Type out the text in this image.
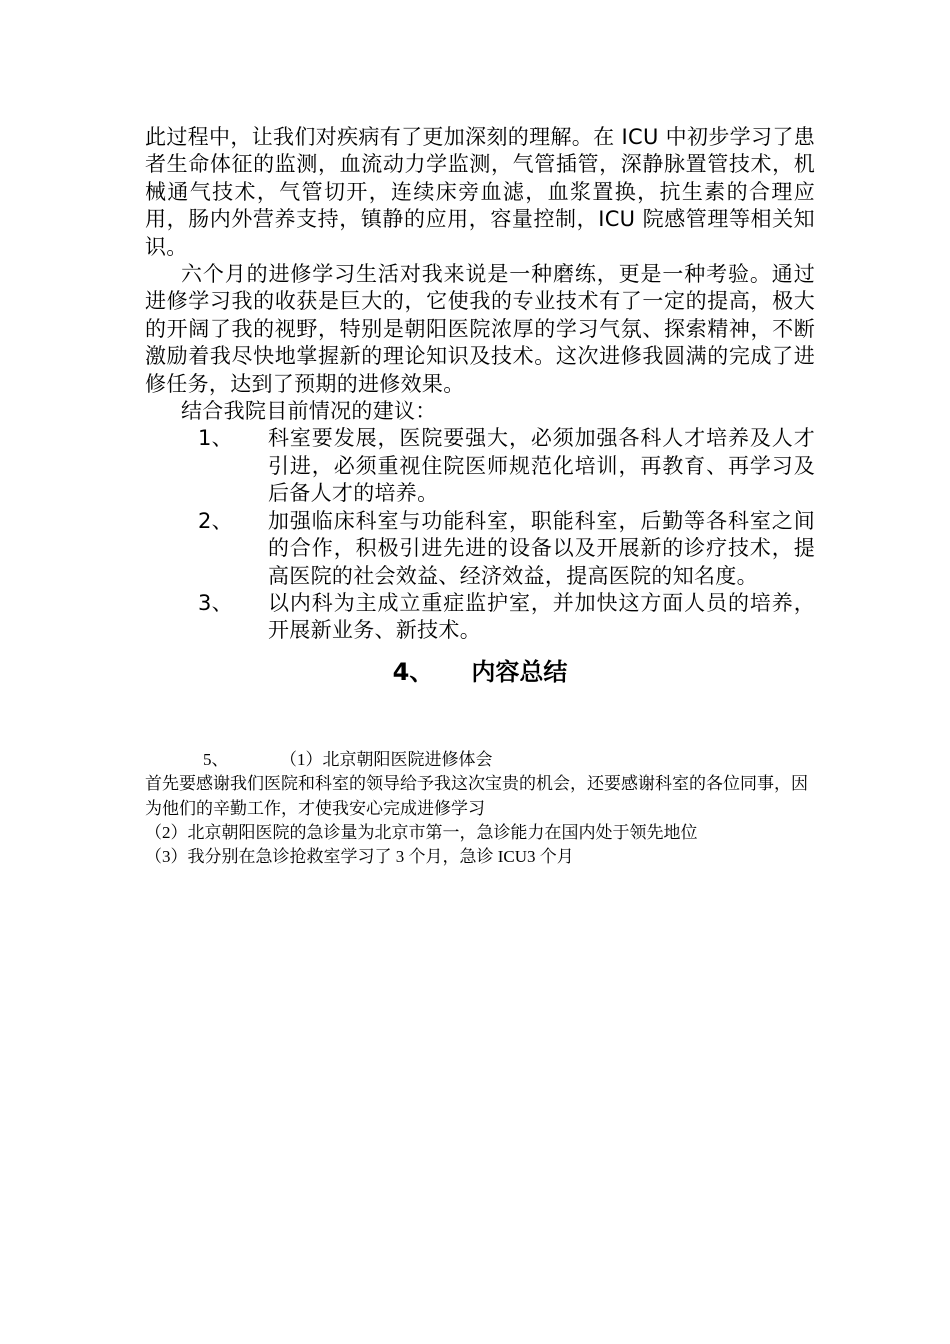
此过程中，让我们对疾病有了更加深刻的理解。在 ICU 中初步学习了患者生命体征的监测，血流动力学监测，气管插管，深静脉置管技术，机械通气技术，气管切开，连续床旁血滤，血浆置换，抗生素的合理应用，肠内外营养支持，镇静的应用，容量控制，ICU 院感管理等相关知识。

六个月的进修学习生活对我来说是一种磨练，更是一种考验。通过进修学习我的收获是巨大的，它使我的专业技术有了一定的提高，极大的开阔了我的视野，特别是朝阳医院浓厚的学习气氛、探索精神，不断激励着我尽快地掌握新的理论知识及技术。这次进修我圆满的完成了进修任务，达到了预期的进修效果。

结合我院目前情况的建议：

1、	科室要发展，医院要强大，必须加强各科人才培养及人才引进，必须重视住院医师规范化培训，再教育、再学习及后备人才的培养。
2、	加强临床科室与功能科室，职能科室，后勤等各科室之间的合作，积极引进先进的设备以及开展新的诊疗技术，提高医院的社会效益、经济效益，提高医院的知名度。
3、	以内科为主成立重症监护室，并加快这方面人员的培养，开展新业务、新技术。
4、 内容总结

5、	（1）北京朝阳医院进修体会

首先要感谢我们医院和科室的领导给予我这次宝贵的机会，还要感谢科室的各位同事，因为他们的辛勤工作，才使我安心完成进修学习

（2）北京朝阳医院的急诊量为北京市第一，急诊能力在国内处于领先地位

（3）我分别在急诊抢救室学习了 3 个月，急诊 ICU3 个月
